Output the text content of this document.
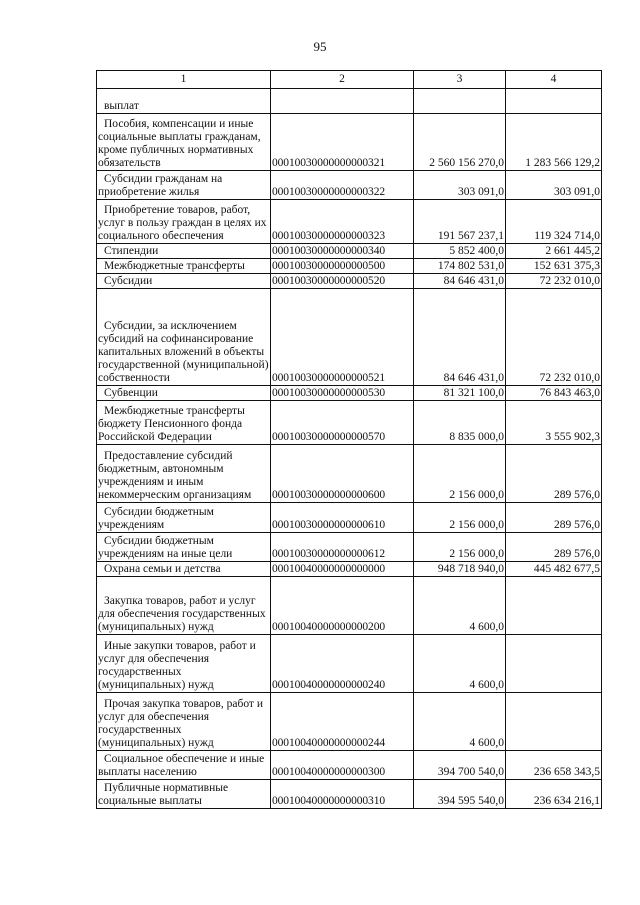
95
1	2	3	4

выплат			

Пособия, компенсации и иные социальные выплаты гражданам, кроме публичных нормативных обязательств	00010030000000000321	2 560 156 270,0	1 283 566 129,2

Субсидии гражданам на приобретение жилья	00010030000000000322	303 091,0	303 091,0

Приобретение товаров, работ, услуг в пользу граждан в целях их социального обеспечения	00010030000000000323	191 567 237,1	119 324 714,0

Стипендии	00010030000000000340	5 852 400,0	2 661 445,2

Межбюджетные трансферты	00010030000000000500	174 802 531,0	152 631 375,3

Субсидии	00010030000000000520	84 646 431,0	72 232 010,0

Субсидии, за исключением субсидий на софинансирование капитальных вложений в объекты государственной (муниципальной) собственности	00010030000000000521	84 646 431,0	72 232 010,0

Субвенции	00010030000000000530	81 321 100,0	76 843 463,0

Межбюджетные трансферты бюджету Пенсионного фонда Российской Федерации	00010030000000000570	8 835 000,0	3 555 902,3

Предоставление субсидий бюджетным, автономным учреждениям и иным некоммерческим организациям	00010030000000000600	2 156 000,0	289 576,0

Субсидии бюджетным учреждениям	00010030000000000610	2 156 000,0	289 576,0

Субсидии бюджетным учреждениям на иные цели	00010030000000000612	2 156 000,0	289 576,0

Охрана семьи и детства	00010040000000000000	948 718 940,0	445 482 677,5

Закупка товаров, работ и услуг для обеспечения государственных (муниципальных) нужд	00010040000000000200	4 600,0	

Иные закупки товаров, работ и услуг для обеспечения государственных (муниципальных) нужд	00010040000000000240	4 600,0	

Прочая закупка товаров, работ и услуг для обеспечения государственных (муниципальных) нужд	00010040000000000244	4 600,0	

Социальное обеспечение и иные выплаты населению	00010040000000000300	394 700 540,0	236 658 343,5

Публичные нормативные социальные выплаты	00010040000000000310	394 595 540,0	236 634 216,1
